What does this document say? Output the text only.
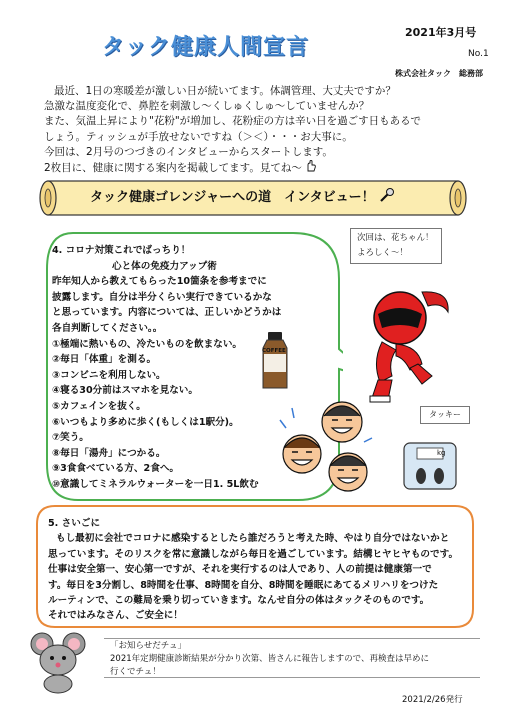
タック健康人間宣言
2021年3月号
No.1
株式会社タック　総務部
最近、1日の寒暖差が激しい日が続いてます。体調管理、大丈夫ですか？
急激な温度変化で、鼻腔を刺激し～くしゅくしゅ～していませんか？
また、気温上昇により"花粉"が増加し、花粉症の方は辛い日を過ごす日もあるで
しょう。ティッシュが手放せないですね（＞＜）・・・お大事に。
今回は、2月号のつづきのインタビューからスタートします。
2枚目に、健康に関する案内を掲載してます。見てね～
タック健康ゴレンジャーへの道　インタビュー！
4. コロナ対策これでばっちり！
心と体の免疫力アップ術
昨年知人から教えてもらった10箇条を参考までに
披露します。自分は半分くらい実行できているかな
と思っています。内容については、正しいかどうかは
各自判断してください。。
①極端に熱いもの、冷たいものを飲まない。
②毎日「体重」を測る。
③コンビニを利用しない。
④寝る30分前はスマホを見ない。
⑤カフェインを抜く。
⑥いつもより多めに歩く(もしくは1駅分)。
⑦笑う。
⑧毎日「湯舟」につかる。
⑨3食食べている方、2食へ。
⑩意識してミネラルウォーターを一日1. 5L飲む
COFFEE
次回は、花ちゃん！
よろしく～！
タッキー
kg
5. さいごに
もし最初に会社でコロナに感染するとしたら誰だろうと考えた時、やはり自分ではないかと
思っています。そのリスクを常に意識しながら毎日を過ごしています。結構ヒヤヒヤものです。
仕事は安全第一、安心第一ですが、それを実行するのは人であり、人の前提は健康第一で
す。毎日を3分割し、8時間を仕事、8時間を自分、8時間を睡眠にあてるメリハリをつけた
ルーティンで、この難局を乗り切っていきます。なんせ自分の体はタックそのものです。
それではみなさん、ご安全に！
「お知らせだチュ」
2021年定期健康診断結果が分かり次第、皆さんに報告しますので、再検査は早めに
行くでチュ！
2021/2/26発行
